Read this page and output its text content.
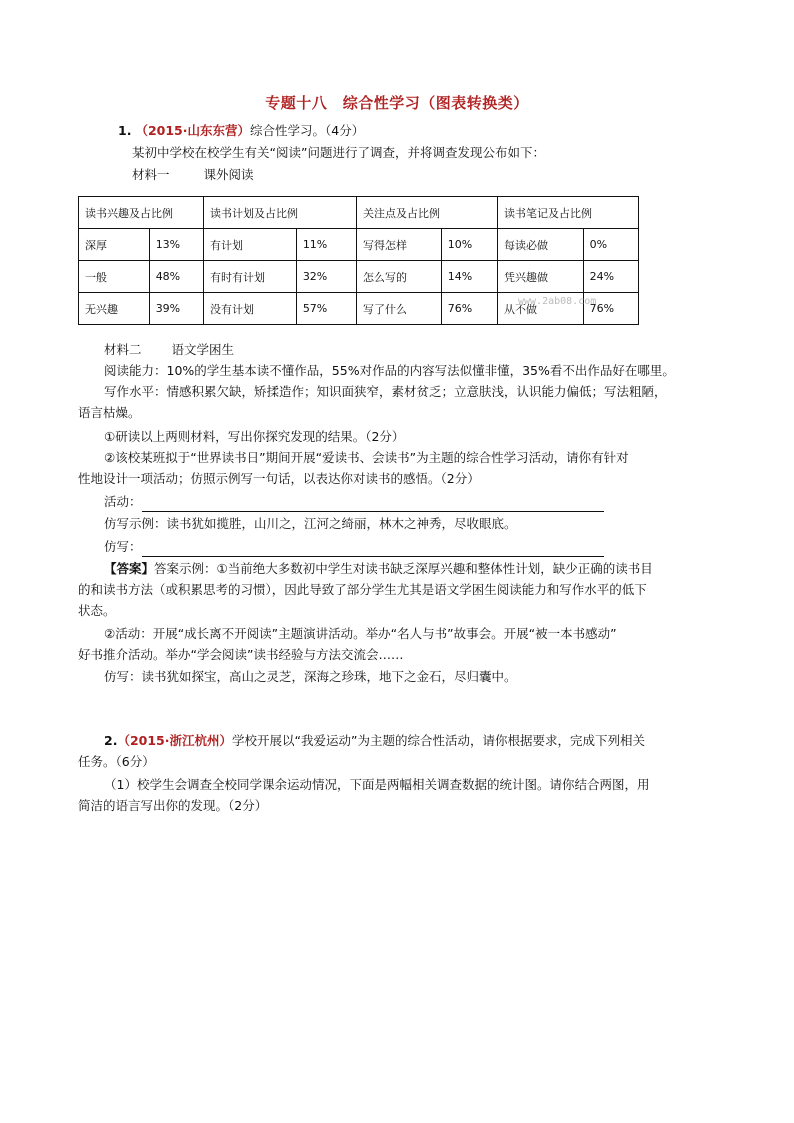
专题十八　综合性学习（图表转换类）
1. （2015·山东东营）综合性学习。（4分）
某初中学校在校学生有关“阅读”问题进行了调查，并将调查发现公布如下：
材料一	课外阅读
读书兴趣及占比例		读书计划及占比例		关注点及占比例		读书笔记及占比例	
深厚	13%	有计划	11%	写得怎样	10%	每读必做	0%
一般	48%	有时有计划	32%	怎么写的	14%	凭兴趣做	24%
无兴趣	39%	没有计划	57%	写了什么	76%	从不做	76%
www.2ab08.com
材料二 语文学困生
阅读能力：10%的学生基本读不懂作品，55%对作品的内容写法似懂非懂，35%看不出作品好在哪里。
写作水平：情感积累欠缺，矫揉造作；知识面狭窄，素材贫乏；立意肤浅，认识能力偏低；写法粗陋，
语言枯燥。
①研读以上两则材料，写出你探究发现的结果。（2分）
②该校某班拟于“世界读书日”期间开展“爱读书、会读书”为主题的综合性学习活动，请你有针对
性地设计一项活动；仿照示例写一句话，以表达你对读书的感悟。（2分）
活动：
仿写示例：读书犹如揽胜，山川之，江河之绮丽，林木之神秀，尽收眼底。
仿写：
【答案】答案示例：①当前绝大多数初中学生对读书缺乏深厚兴趣和整体性计划，缺少正确的读书目
的和读书方法（或积累思考的习惯），因此导致了部分学生尤其是语文学困生阅读能力和写作水平的低下
状态。
②活动：开展“成长离不开阅读”主题演讲活动。举办“名人与书”故事会。开展“被一本书感动”
好书推介活动。举办“学会阅读”读书经验与方法交流会……
仿写：读书犹如探宝，高山之灵芝，深海之珍珠，地下之金石，尽归囊中。
2.（2015·浙江杭州）学校开展以“我爱运动”为主题的综合性活动，请你根据要求，完成下列相关
任务。（6分）
（1）校学生会调查全校同学课余运动情况，下面是两幅相关调查数据的统计图。请你结合两图，用
简洁的语言写出你的发现。（2分）
